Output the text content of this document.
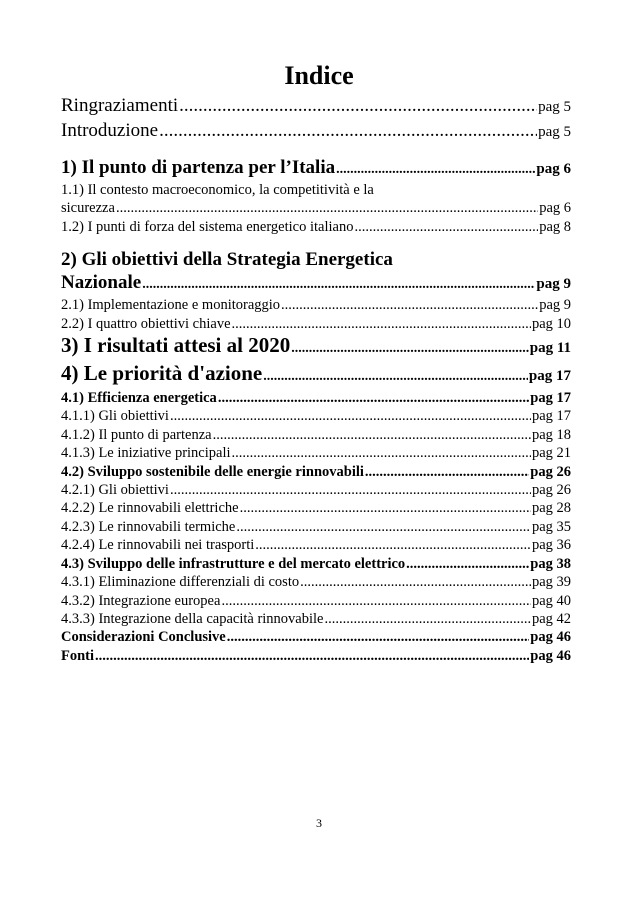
Indice
Ringraziamenti .....	pag 5
Introduzione .....	pag 5
1) Il punto di partenza per l’Italia .....	pag 6
1.1) Il contesto macroeconomico, la competitività e la
sicurezza .....	pag 6
1.2) I punti di forza del sistema energetico italiano .....	pag 8
2) Gli obiettivi della Strategia Energetica
Nazionale .....	pag 9
2.1) Implementazione e monitoraggio .....	pag 9
2.2) I quattro obiettivi chiave .....	pag 10
3) I risultati attesi al 2020 .....	pag 11
4) Le priorità d'azione .....	pag 17
4.1) Efficienza energetica .....	pag 17
4.1.1) Gli obiettivi .....	pag 17
4.1.2) Il punto di partenza .....	pag 18
4.1.3) Le iniziative principali .....	pag 21
4.2) Sviluppo sostenibile delle energie rinnovabili .....	pag 26
4.2.1) Gli obiettivi .....	pag 26
4.2.2) Le rinnovabili elettriche .....	pag 28
4.2.3) Le rinnovabili termiche .....	pag 35
4.2.4) Le rinnovabili nei trasporti .....	pag 36
4.3) Sviluppo delle infrastrutture e del mercato elettrico .....	pag 38
4.3.1) Eliminazione differenziali di costo .....	pag 39
4.3.2) Integrazione europea .....	pag 40
4.3.3) Integrazione della capacità rinnovabile .....	pag 42
Considerazioni Conclusive .....	pag 46
Fonti .....	pag 46
3
